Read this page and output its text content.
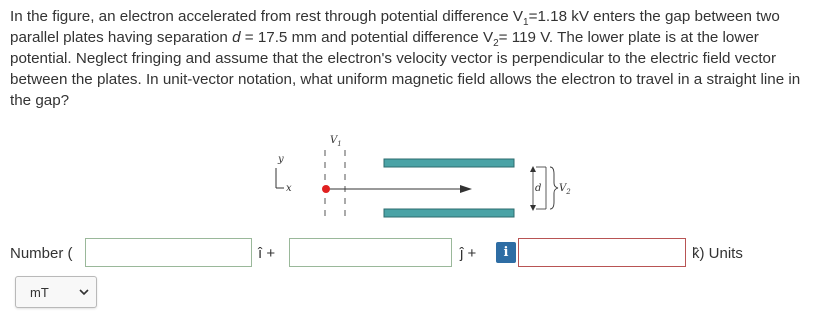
In the figure, an electron accelerated from rest through potential difference $V_1=1.18$ kV enters the gap between two parallel plates having separation d = 17.5 mm and potential difference $V_2= 119$ V. The lower plate is at the lower potential. Neglect fringing and assume that the electron's velocity vector is perpendicular to the electric field vector between the plates. In unit-vector notation, what uniform magnetic field allows the electron to travel in a straight line in the gap?
y
x
$V_1$
d $V_2$
Number (	î +	ĵ +	i	k̂) Units
mT
